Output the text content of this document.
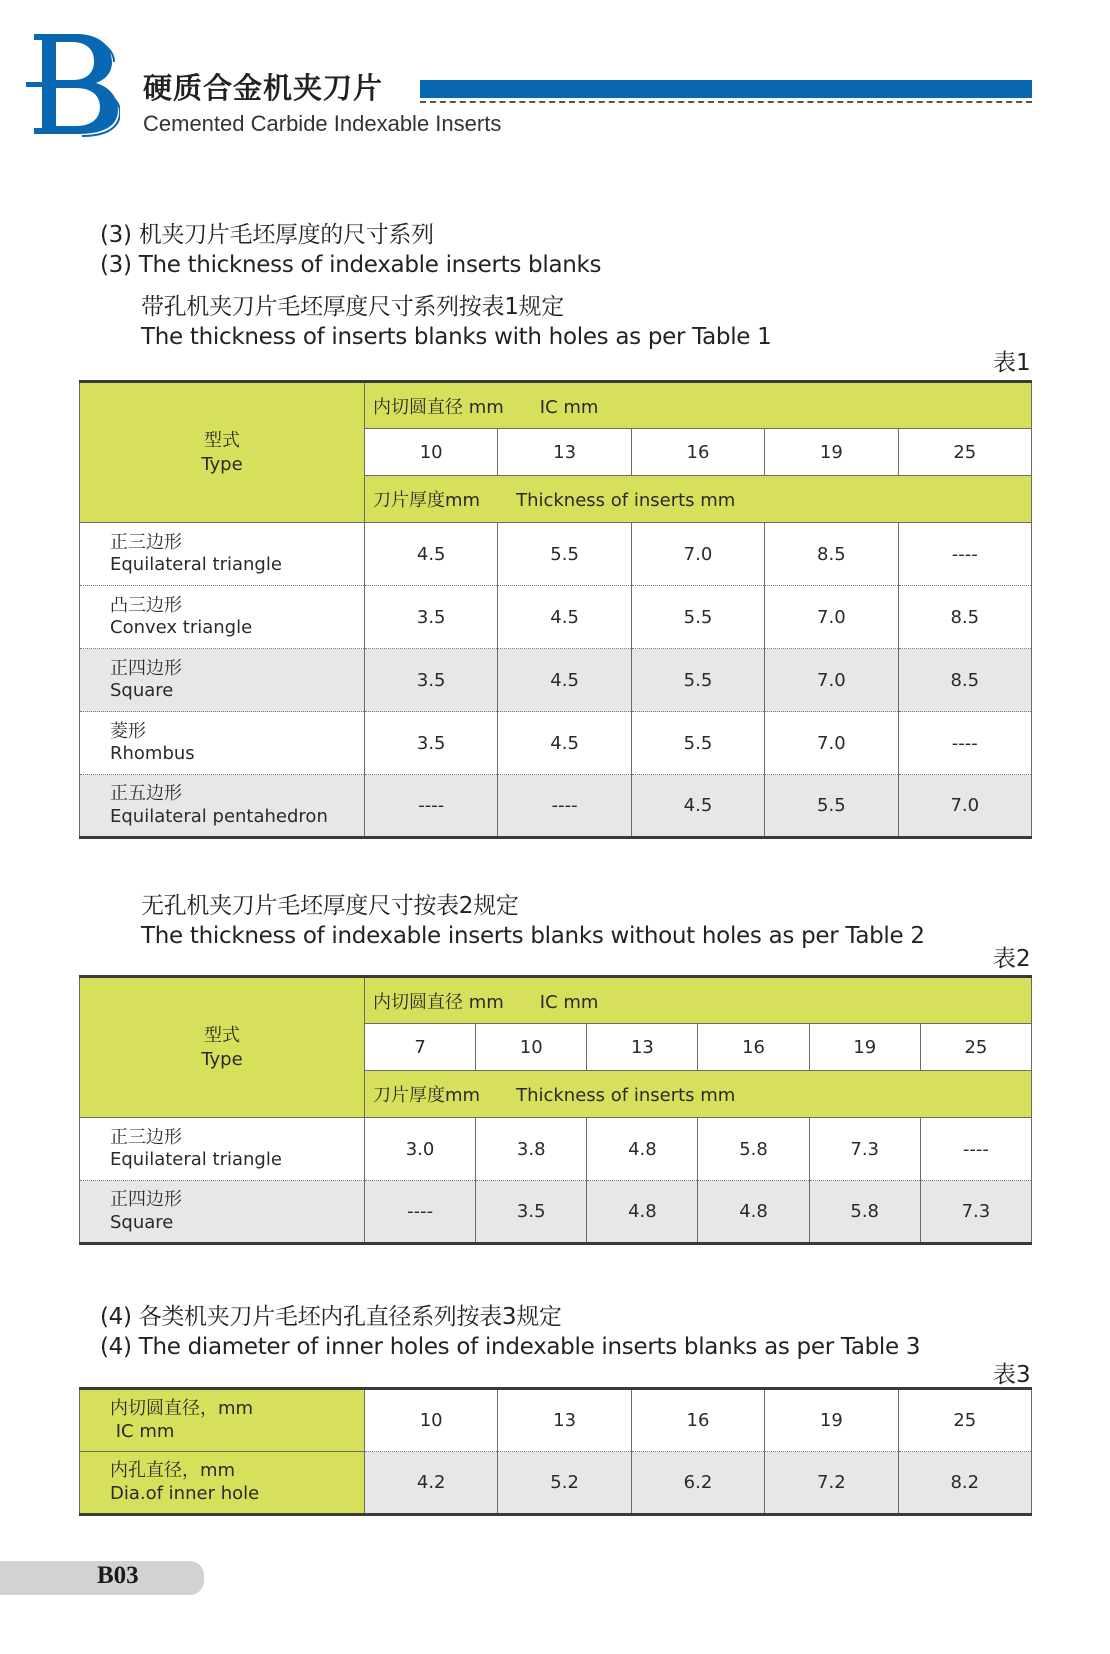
硬质合金机夹刀片
Cemented Carbide Indexable Inserts
(3) 机夹刀片毛坯厚度的尺寸系列
(3) The thickness of indexable inserts blanks
带孔机夹刀片毛坯厚度尺寸系列按表1规定
The thickness of inserts blanks with holes as per Table 1
表1
型式
Type	内切圆直径 mm IC mm				
	10	13	16	19	25
	刀片厚度mm Thickness of inserts mm				

正三边形
Equilateral triangle	4.5	5.5	7.0	8.5	----

凸三边形
Convex triangle	3.5	4.5	5.5	7.0	8.5

正四边形
Square	3.5	4.5	5.5	7.0	8.5

菱形
Rhombus	3.5	4.5	5.5	7.0	----

正五边形
Equilateral pentahedron	----	----	4.5	5.5	7.0
无孔机夹刀片毛坯厚度尺寸按表2规定
The thickness of indexable inserts blanks without holes as per Table 2
表2
型式
Type	内切圆直径 mm IC mm					
	7	10	13	16	19	25
	刀片厚度mm Thickness of inserts mm					

正三边形
Equilateral triangle	3.0	3.8	4.8	5.8	7.3	----

正四边形
Square	----	3.5	4.8	4.8	5.8	7.3
(4) 各类机夹刀片毛坯内孔直径系列按表3规定
(4) The diameter of inner holes of indexable inserts blanks as per Table 3
表3
内切圆直径，mm
IC mm	10	13	16	19	25

内孔直径，mm
Dia.of inner hole	4.2	5.2	6.2	7.2	8.2
B03
